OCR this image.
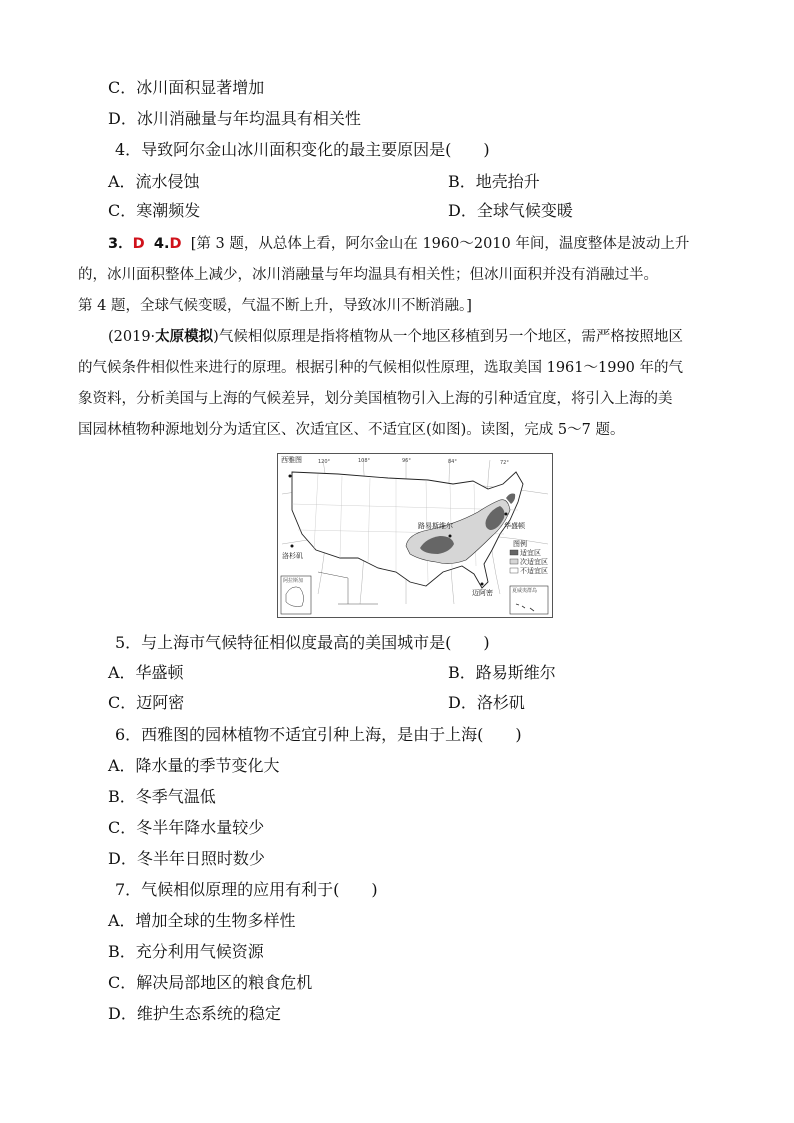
C．冰川面积显著增加
D．冰川消融量与年均温具有相关性
4．导致阿尔金山冰川面积变化的最主要原因是(　　)
A．流水侵蚀	B．地壳抬升
C．寒潮频发	D．全球气候变暖
3．D 4.D [第 3 题，从总体上看，阿尔金山在 1960～2010 年间，温度整体是波动上升
的，冰川面积整体上减少，冰川消融量与年均温具有相关性；但冰川面积并没有消融过半。
第 4 题，全球气候变暖，气温不断上升，导致冰川不断消融。]
(2019·太原模拟)气候相似原理是指将植物从一个地区移植到另一个地区，需严格按照地区
的气候条件相似性来进行的原理。根据引种的气候相似性原理，选取美国 1961～1990 年的气
象资料，分析美国与上海的气候差异，划分美国植物引入上海的引种适宜度，将引入上海的美
国园林植物种源地划分为适宜区、次适宜区、不适宜区(如图)。读图，完成 5～7 题。
120°	108°	96°	84°	72°
阿拉斯加
夏威夷群岛
西雅图
路易斯维尔	华盛顿
洛杉矶
迈阿密
图例
适宜区
次适宜区
不适宜区
5．与上海市气候特征相似度最高的美国城市是(　　)
A．华盛顿	B．路易斯维尔
C．迈阿密	D．洛杉矶
6．西雅图的园林植物不适宜引种上海，是由于上海(　　)
A．降水量的季节变化大
B．冬季气温低
C．冬半年降水量较少
D．冬半年日照时数少
7．气候相似原理的应用有利于(　　)
A．增加全球的生物多样性
B．充分利用气候资源
C．解决局部地区的粮食危机
D．维护生态系统的稳定
